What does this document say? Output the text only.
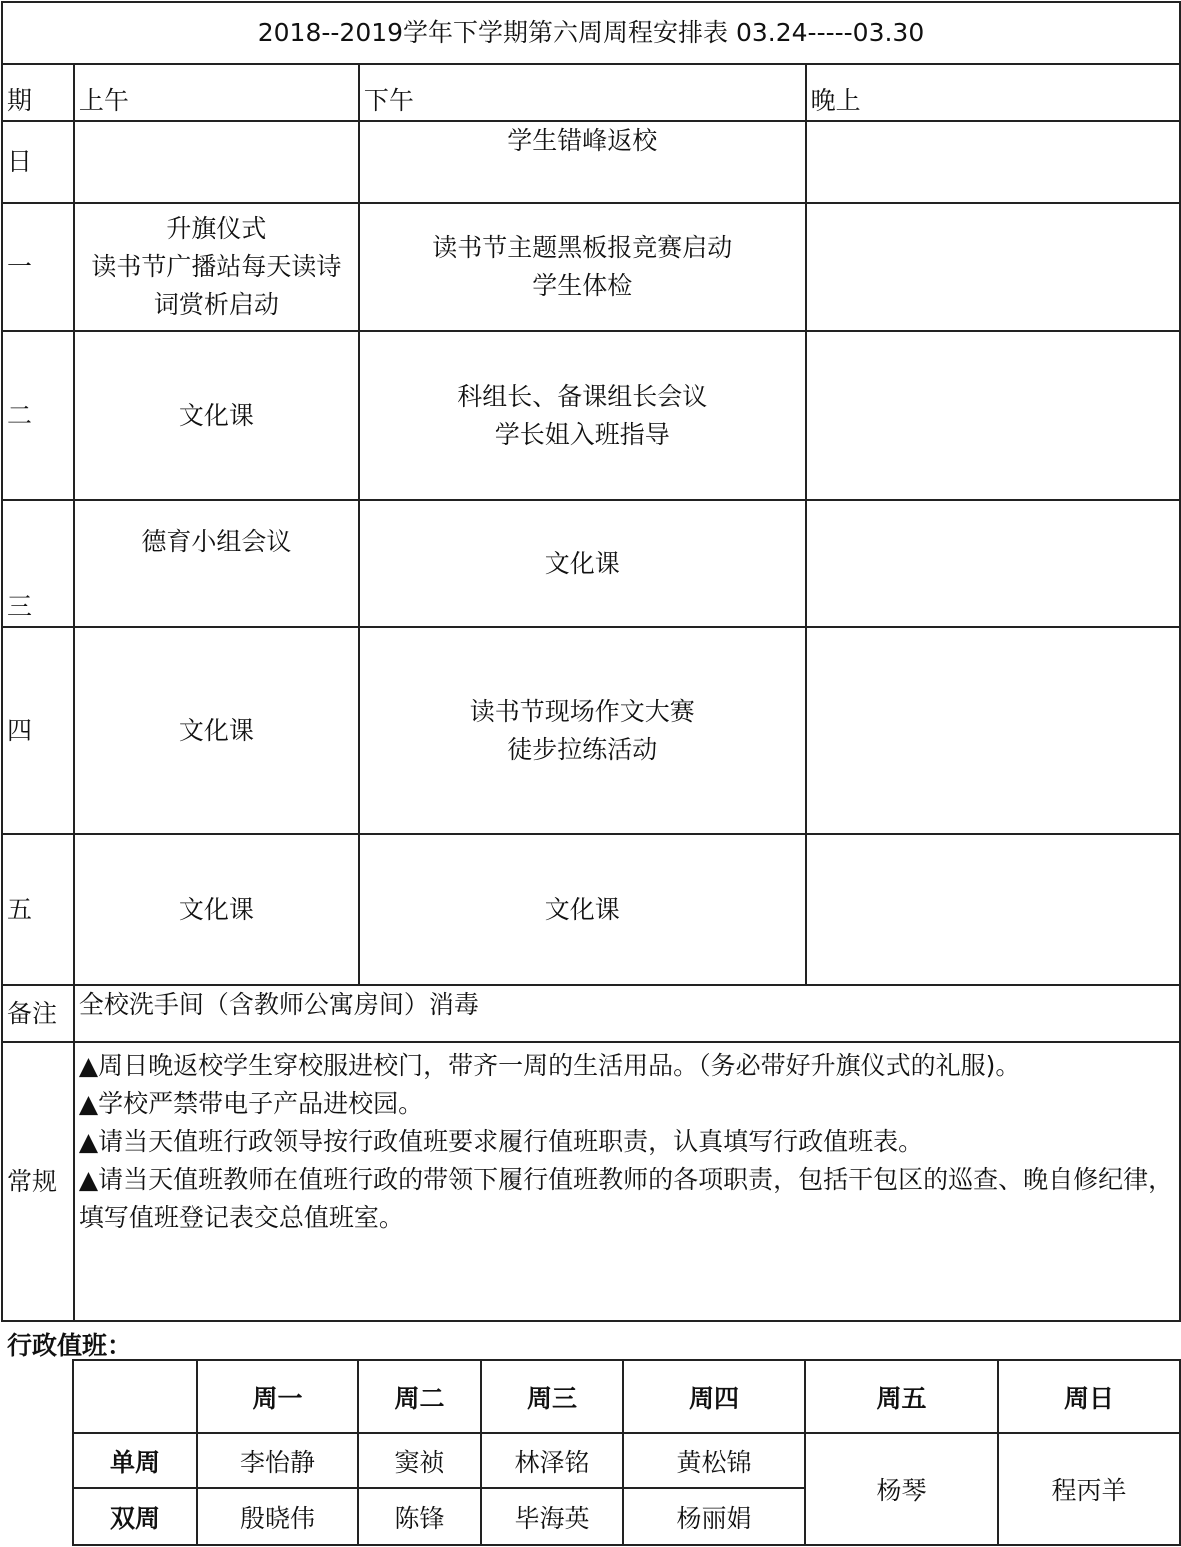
2018--2019学年下学期第六周周程安排表 03.24-----03.30			
期	上午	下午	晚上
日		学生错峰返校	

一	升旗仪式
读书节广播站每天读诗
词赏析启动	读书节主题黑板报竞赛启动
学生体检	

二	文化课	科组长、备课组长会议
学长姐入班指导	

三	德育小组会议	文化课	

四	文化课	读书节现场作文大赛
徒步拉练活动	

五	文化课	文化课	

备注	全校洗手间（含教师公寓房间）消毒		
常规	▲周日晚返校学生穿校服进校门，带齐一周的生活用品。（务必带好升旗仪式的礼服)。
▲学校严禁带电子产品进校园。
▲请当天值班行政领导按行政值班要求履行值班职责，认真填写行政值班表。
▲请当天值班教师在值班行政的带领下履行值班教师的各项职责，包括干包区的巡查、晚自修纪律，填写值班登记表交总值班室。		
行政值班：
	周一	周二	周三	周四	周五	周日
单周	李怡静	窦祯	林泽铭	黄松锦	杨琴	程丙羊
双周	殷晓伟	陈锋	毕海英	杨丽娟		
